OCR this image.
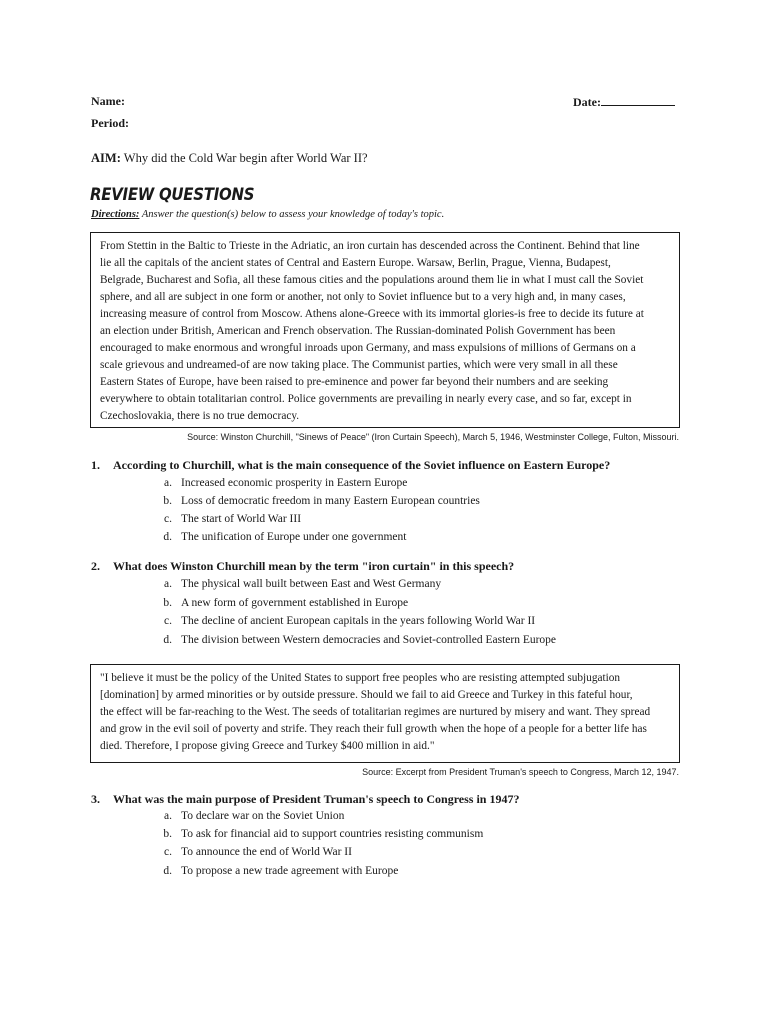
Name:	Date:
Period:
AIM: Why did the Cold War begin after World War II?
REVIEW QUESTIONS
Directions: Answer the question(s) below to assess your knowledge of today's topic.
From Stettin in the Baltic to Trieste in the Adriatic, an iron curtain has descended across the Continent. Behind that line
lie all the capitals of the ancient states of Central and Eastern Europe. Warsaw, Berlin, Prague, Vienna, Budapest,
Belgrade, Bucharest and Sofia, all these famous cities and the populations around them lie in what I must call the Soviet
sphere, and all are subject in one form or another, not only to Soviet influence but to a very high and, in many cases,
increasing measure of control from Moscow. Athens alone-Greece with its immortal glories-is free to decide its future at
an election under British, American and French observation. The Russian-dominated Polish Government has been
encouraged to make enormous and wrongful inroads upon Germany, and mass expulsions of millions of Germans on a
scale grievous and undreamed-of are now taking place. The Communist parties, which were very small in all these
Eastern States of Europe, have been raised to pre-eminence and power far beyond their numbers and are seeking
everywhere to obtain totalitarian control. Police governments are prevailing in nearly every case, and so far, except in
Czechoslovakia, there is no true democracy.
Source: Winston Churchill, "Sinews of Peace" (Iron Curtain Speech), March 5, 1946, Westminster College, Fulton, Missouri.
1. According to Churchill, what is the main consequence of the Soviet influence on Eastern Europe?
a. Increased economic prosperity in Eastern Europe
b. Loss of democratic freedom in many Eastern European countries
c. The start of World War III
d. The unification of Europe under one government
2. What does Winston Churchill mean by the term "iron curtain" in this speech?
a. The physical wall built between East and West Germany
b. A new form of government established in Europe
c. The decline of ancient European capitals in the years following World War II
d. The division between Western democracies and Soviet-controlled Eastern Europe
"I believe it must be the policy of the United States to support free peoples who are resisting attempted subjugation
[domination] by armed minorities or by outside pressure. Should we fail to aid Greece and Turkey in this fateful hour,
the effect will be far-reaching to the West. The seeds of totalitarian regimes are nurtured by misery and want. They spread
and grow in the evil soil of poverty and strife. They reach their full growth when the hope of a people for a better life has
died. Therefore, I propose giving Greece and Turkey $400 million in aid."
Source: Excerpt from President Truman's speech to Congress, March 12, 1947.
3. What was the main purpose of President Truman's speech to Congress in 1947?
a. To declare war on the Soviet Union
b. To ask for financial aid to support countries resisting communism
c. To announce the end of World War II
d. To propose a new trade agreement with Europe
